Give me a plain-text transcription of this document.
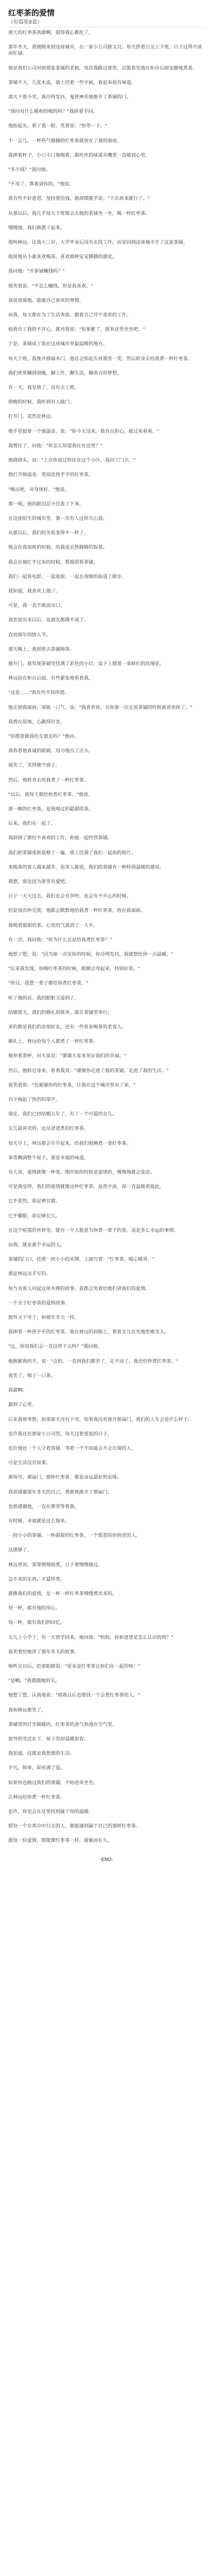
红枣茶的爱情
（短篇集8篇）

那天的红枣茶真甜啊，甜得我心都化了。

那年冬天，我刚刚来到这座城市，在一家小公司做文员。每天挤着公交上下班，日子过得平淡而忙碌。

他是我们公司对面那家茶铺的老板，每次我路过那里，总能看见他在柜台后面安静地煮茶。

茶铺不大，几张木桌，墙上挂着一些字画，看起来很有味道。

那天下着小雪，我冷得发抖，鬼使神差地推开了茶铺的门。

"请问有什么暖和的喝的吗？"我搓着手问。

他抬起头，看了我一眼，笑着说："你等一下。"

不一会儿，一杯热气腾腾的红枣茶就放在了我的面前。

我捧着杯子，小口小口地喝着，甜丝丝的味道从嘴里一直暖到心里。

"多少钱？"我问他。

"不用了，算我请你的。"他说。

我有些不好意思，坚持要给钱，他却摆摆手说："下次再来就行了。"

从那以后，我几乎每天下班都会去他的茶铺坐一坐，喝一杯红枣茶。

慢慢地，我们熟悉了起来。

他叫林远，比我大三岁，大学毕业后没有去找工作，而是回到这座城市开了这家茶铺。

他说他从小就喜欢喝茶，喜欢那种安安静静的感觉。

我问他："开茶铺赚钱吗？"

他笑着说："不怎么赚钱，但是我喜欢。"

我很羡慕他，能做自己喜欢的事情。

而我，每天都在为了生活奔波，做着自己并不喜欢的工作。

他看出了我的不开心，就对我说："如果累了，就来这里坐坐吧。"

于是，茶铺成了我在这座城市里最温暖的地方。

每天下班，我推开那扇木门，他总会抬起头对我笑一笑，然后转身去给我煮一杯红枣茶。

我们常常聊到很晚，聊工作，聊生活，聊各自的梦想。

有一天，我发烧了，没有去上班。

傍晚的时候，我听到有人敲门。

打开门，竟然是林远。

他手里提着一个保温壶，说："你今天没来，我有点担心，就过来看看。"

我愣住了，问他："你怎么知道我住在这里？"

他挠挠头，说："上次你说过你住在这个小区，我问了门卫。"

他打开保温壶，里面是热乎乎的红枣茶。

"喝点吧，对身体好。"他说。

那一刻，我的眼泪忍不住流了下来。

在这座陌生的城市里，第一次有人这样关心我。

从那以后，我们的关系变得不一样了。

他会在我加班的时候，给我送去热腾腾的饭菜。

我会在他忙不过来的时候，帮他照看茶铺。

我们一起看电影，一起逛街，一起在夜晚的街道上散步。

我知道，我喜欢上他了。

可是，我一直不敢说出口。

我怕说出来以后，连朋友都做不成了。

直到那年的情人节。

那天晚上，我照常去茶铺喝茶。

推开门，我发现茶铺里挂满了彩色的小灯，桌子上摆着一束鲜红的玫瑰花。

林远站在柜台后面，有些紧张地看着我。

"这是……"我有些不知所措。

他走到我面前，深吸一口气，说："我喜欢你，从你第一次走进茶铺的时候就喜欢你了。"

我愣在原地，心跳得厉害。

"你愿意做我的女朋友吗？"他问。

我看着他真诚的眼睛，用力地点了点头。

他笑了，笑得像个孩子。

然后，他转身去给我煮了一杯红枣茶。

"以后，我每天都给你煮红枣茶。"他说。

那一晚的红枣茶，是我喝过的最甜的茶。

后来，我们在一起了。

我辞掉了那份不喜欢的工作，和他一起经营茶铺。

我们把茶铺重新装修了一遍，墙上挂满了我们一起拍的照片。

来喝茶的客人越来越多，很多人都说，我们的茶铺有一种特别温暖的感觉。

我想，那是因为茶里有爱吧。

日子一天天过去，我们也会有争吵，也会有不开心的时候。

但是每次吵完架，他都会默默地给我煮一杯红枣茶，放在我面前。

我喝着甜甜的茶，心里的气就消了一大半。

有一次，我问他："你为什么总是给我煮红枣茶？"

他想了想，说："因为第一次见你的时候，你冷得发抖，我就想给你一点温暖。"

"后来我发现，你喝红枣茶的时候，眼睛会弯起来，特别好看。"

"所以，我想一辈子都给你煮红枣茶。"

听了他的话，我的眼眶又湿润了。

结婚那天，我们的婚礼很简单，就在茶铺里举行。

来的都是我们的亲朋好友，还有一些常来喝茶的老客人。

婚礼上，林远给每个人都煮了一杯红枣茶。

他举着茶杯，对大家说："谢谢大家来见证我们的幸福。"

然后，他转过身来，看着我说："谢谢你走进了我的茶铺，走进了我的生活。"

我笑着说："也谢谢你的红枣茶，让我在这个城市里有了家。"

台下响起了热烈的掌声。

现在，我们已经结婚五年了，有了一个可爱的女儿。

女儿最喜欢的，也是爸爸煮的红枣茶。

每天早上，林远都会早早起来，给我们娘俩煮一壶红枣茶。

茶香飘满整个屋子，那是幸福的味道。

有人说，爱情就像一杯茶，刚开始的时候是滚烫的，慢慢地就会变凉。

可是我觉得，我们的爱情就像这杯红枣茶，虽然平淡，却一直温暖着彼此。

它不浓烈，却足够甘甜。

它不耀眼，却足够长久。

在这个喧嚣的世界里，能有一个人愿意为你煮一辈子的茶，该是多么幸运的事情。

而我，就是那个幸运的人。

茶铺的门口，挂着一块小小的木牌，上面写着："红枣茶，暖心暖胃。"

那是林远亲手写的。

每当有客人问起这块木牌的故事，我都会笑着给他们讲我们的爱情。

一个关于红枣茶的爱情故事。

窗外又下雪了，和那年冬天一样。

我捧着一杯热乎乎的红枣茶，靠在林远的肩膀上，看着女儿在雪地里堆雪人。

"远，你说我们会一直这样下去吗？"我问他。

他握紧我的手，说："会的，一直到我们都老了，走不动了，我还给你煮红枣茶。"

我笑了，喝了一口茶。

真甜啊。

甜到了心里。

后来我常常想，如果那天没有下雪，如果我没有推开那扇门，我们的人生会是什么样子。

也许我还在那家小公司里，每天过着重复的日子。

也许他还一个人守着茶铺，等着一个不知道会不会出现的人。

可是生活没有如果。

那场雪，那扇门，那杯红枣茶，都是命运最好的安排。

我很感谢那年冬天的自己，勇敢地推开了那扇门。

也很感谢他，一直在那里等着我。

有时候，幸福就是这么简单。

一间小小的茶铺，一杯甜甜的红枣茶，一个愿意陪你到老的人。

这就够了。

林远常说，茶要慢慢地煮，日子要慢慢地过。

急不来的东西，才最珍贵。

就像我们的爱情，是一杯一杯红枣茶慢慢煮出来的。

每一杯，都有他的用心。

每一杯，都有我们的回忆。

女儿上小学了，有一天放学回来，她问我："妈妈，你和爸爸是怎么认识的呀？"

我笑着给她讲了那年冬天的故事。

她听完以后，眨着眼睛说："原来是红枣茶让你们在一起的呀！"

"是啊。"我摸摸她的头。

她想了想，认真地说："那我以后也要找一个会煮红枣茶的人。"

我和林远都笑了。

茶铺里的灯光暖暖的，红枣茶的香气弥漫在空气里。

窗外的雪还在下，屋子里却温暖如春。

我知道，这就是我想要的生活。

平凡，简单，却充满了爱。

如果你也路过我们的茶铺，不妨进来坐坐。

让林远给你煮一杯红枣茶。

也许，你也会在这里找到属于你的温暖。

愿每一个在寒冷中行走的人，都能遇到属于自己的那杯红枣茶。

愿每一份爱情，都能像红枣茶一样，甜蜜而长久。

-END-
